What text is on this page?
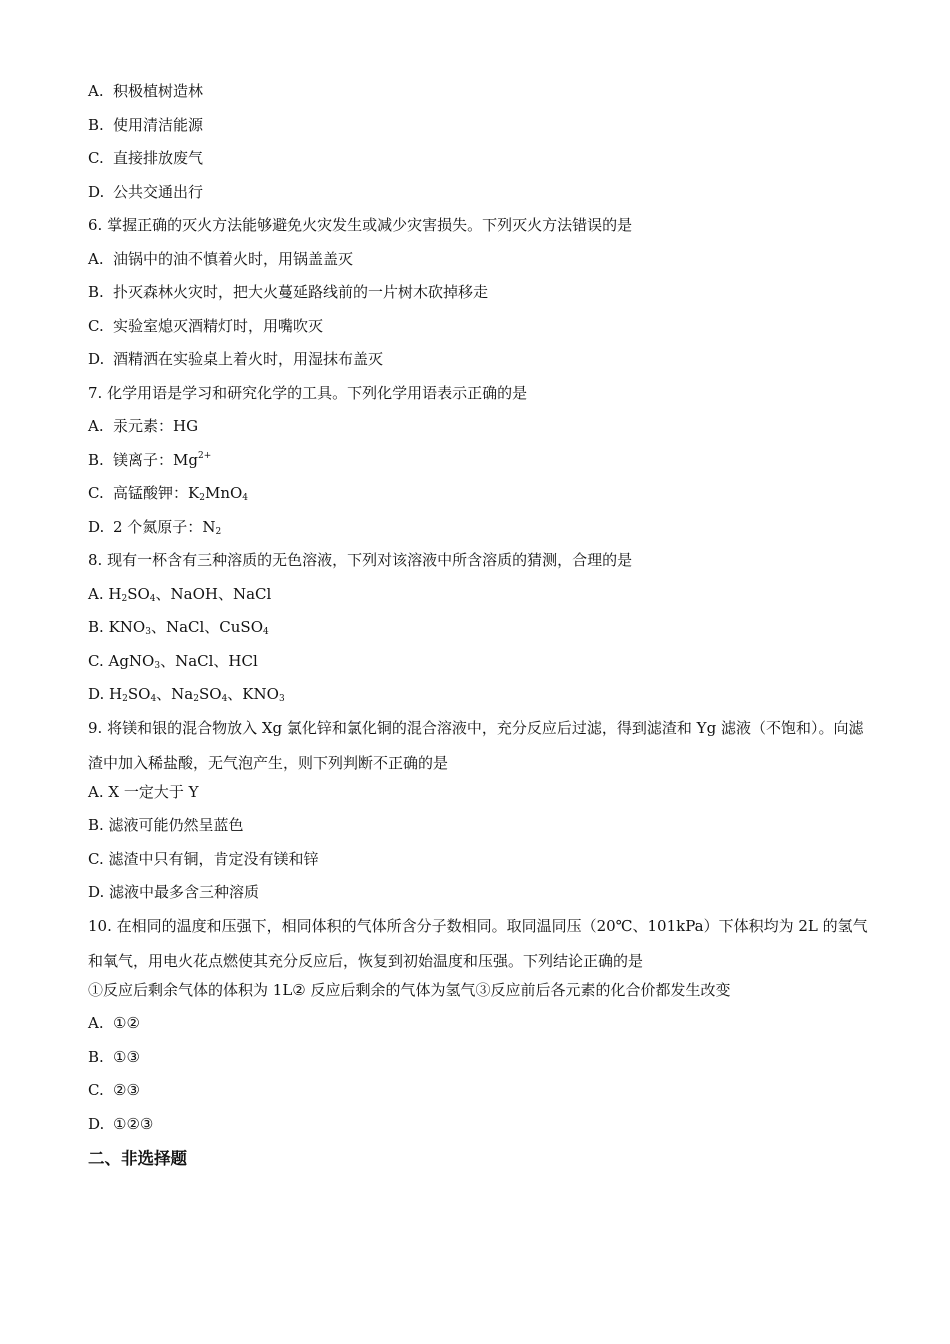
A. 积极植树造林
B. 使用清洁能源
C. 直接排放废气
D. 公共交通出行
6. 掌握正确的灭火方法能够避免火灾发生或减少灾害损失。下列灭火方法错误的是
A. 油锅中的油不慎着火时，用锅盖盖灭
B. 扑灭森林火灾时，把大火蔓延路线前的一片树木砍掉移走
C. 实验室熄灭酒精灯时，用嘴吹灭
D. 酒精洒在实验桌上着火时，用湿抹布盖灭
7. 化学用语是学习和研究化学的工具。下列化学用语表示正确的是
A. 汞元素：HG
B. 镁离子：$Mg^{2+}$
C. 高锰酸钾：$K_2MnO_4$
D. 2 个氮原子：$N_2$
8. 现有一杯含有三种溶质的无色溶液，下列对该溶液中所含溶质的猜测，合理的是
A. $H_2SO_4$、NaOH、NaCl
B. $KNO_3$、NaCl、CuSO$_4$
C. AgNO$_3$、NaCl、HCl
D. $H_2SO_4$、$Na_2SO_4$、$KNO_3$
9. 将镁和银的混合物放入 Xg 氯化锌和氯化铜的混合溶液中，充分反应后过滤，得到滤渣和 Yg 滤液（不饱和）。向滤渣中加入稀盐酸，无气泡产生，则下列判断不正确的是
A. X 一定大于 Y
B. 滤液可能仍然呈蓝色
C. 滤渣中只有铜，肯定没有镁和锌
D. 滤液中最多含三种溶质
10. 在相同的温度和压强下，相同体积的气体所含分子数相同。取同温同压（20℃、101kPa）下体积均为 2L 的氢气和氧气，用电火花点燃使其充分反应后，恢复到初始温度和压强。下列结论正确的是
①反应后剩余气体的体积为 1L② 反应后剩余的气体为氢气③反应前后各元素的化合价都发生改变
A. ①②
B. ①③
C. ②③
D. ①②③
二、非选择题
